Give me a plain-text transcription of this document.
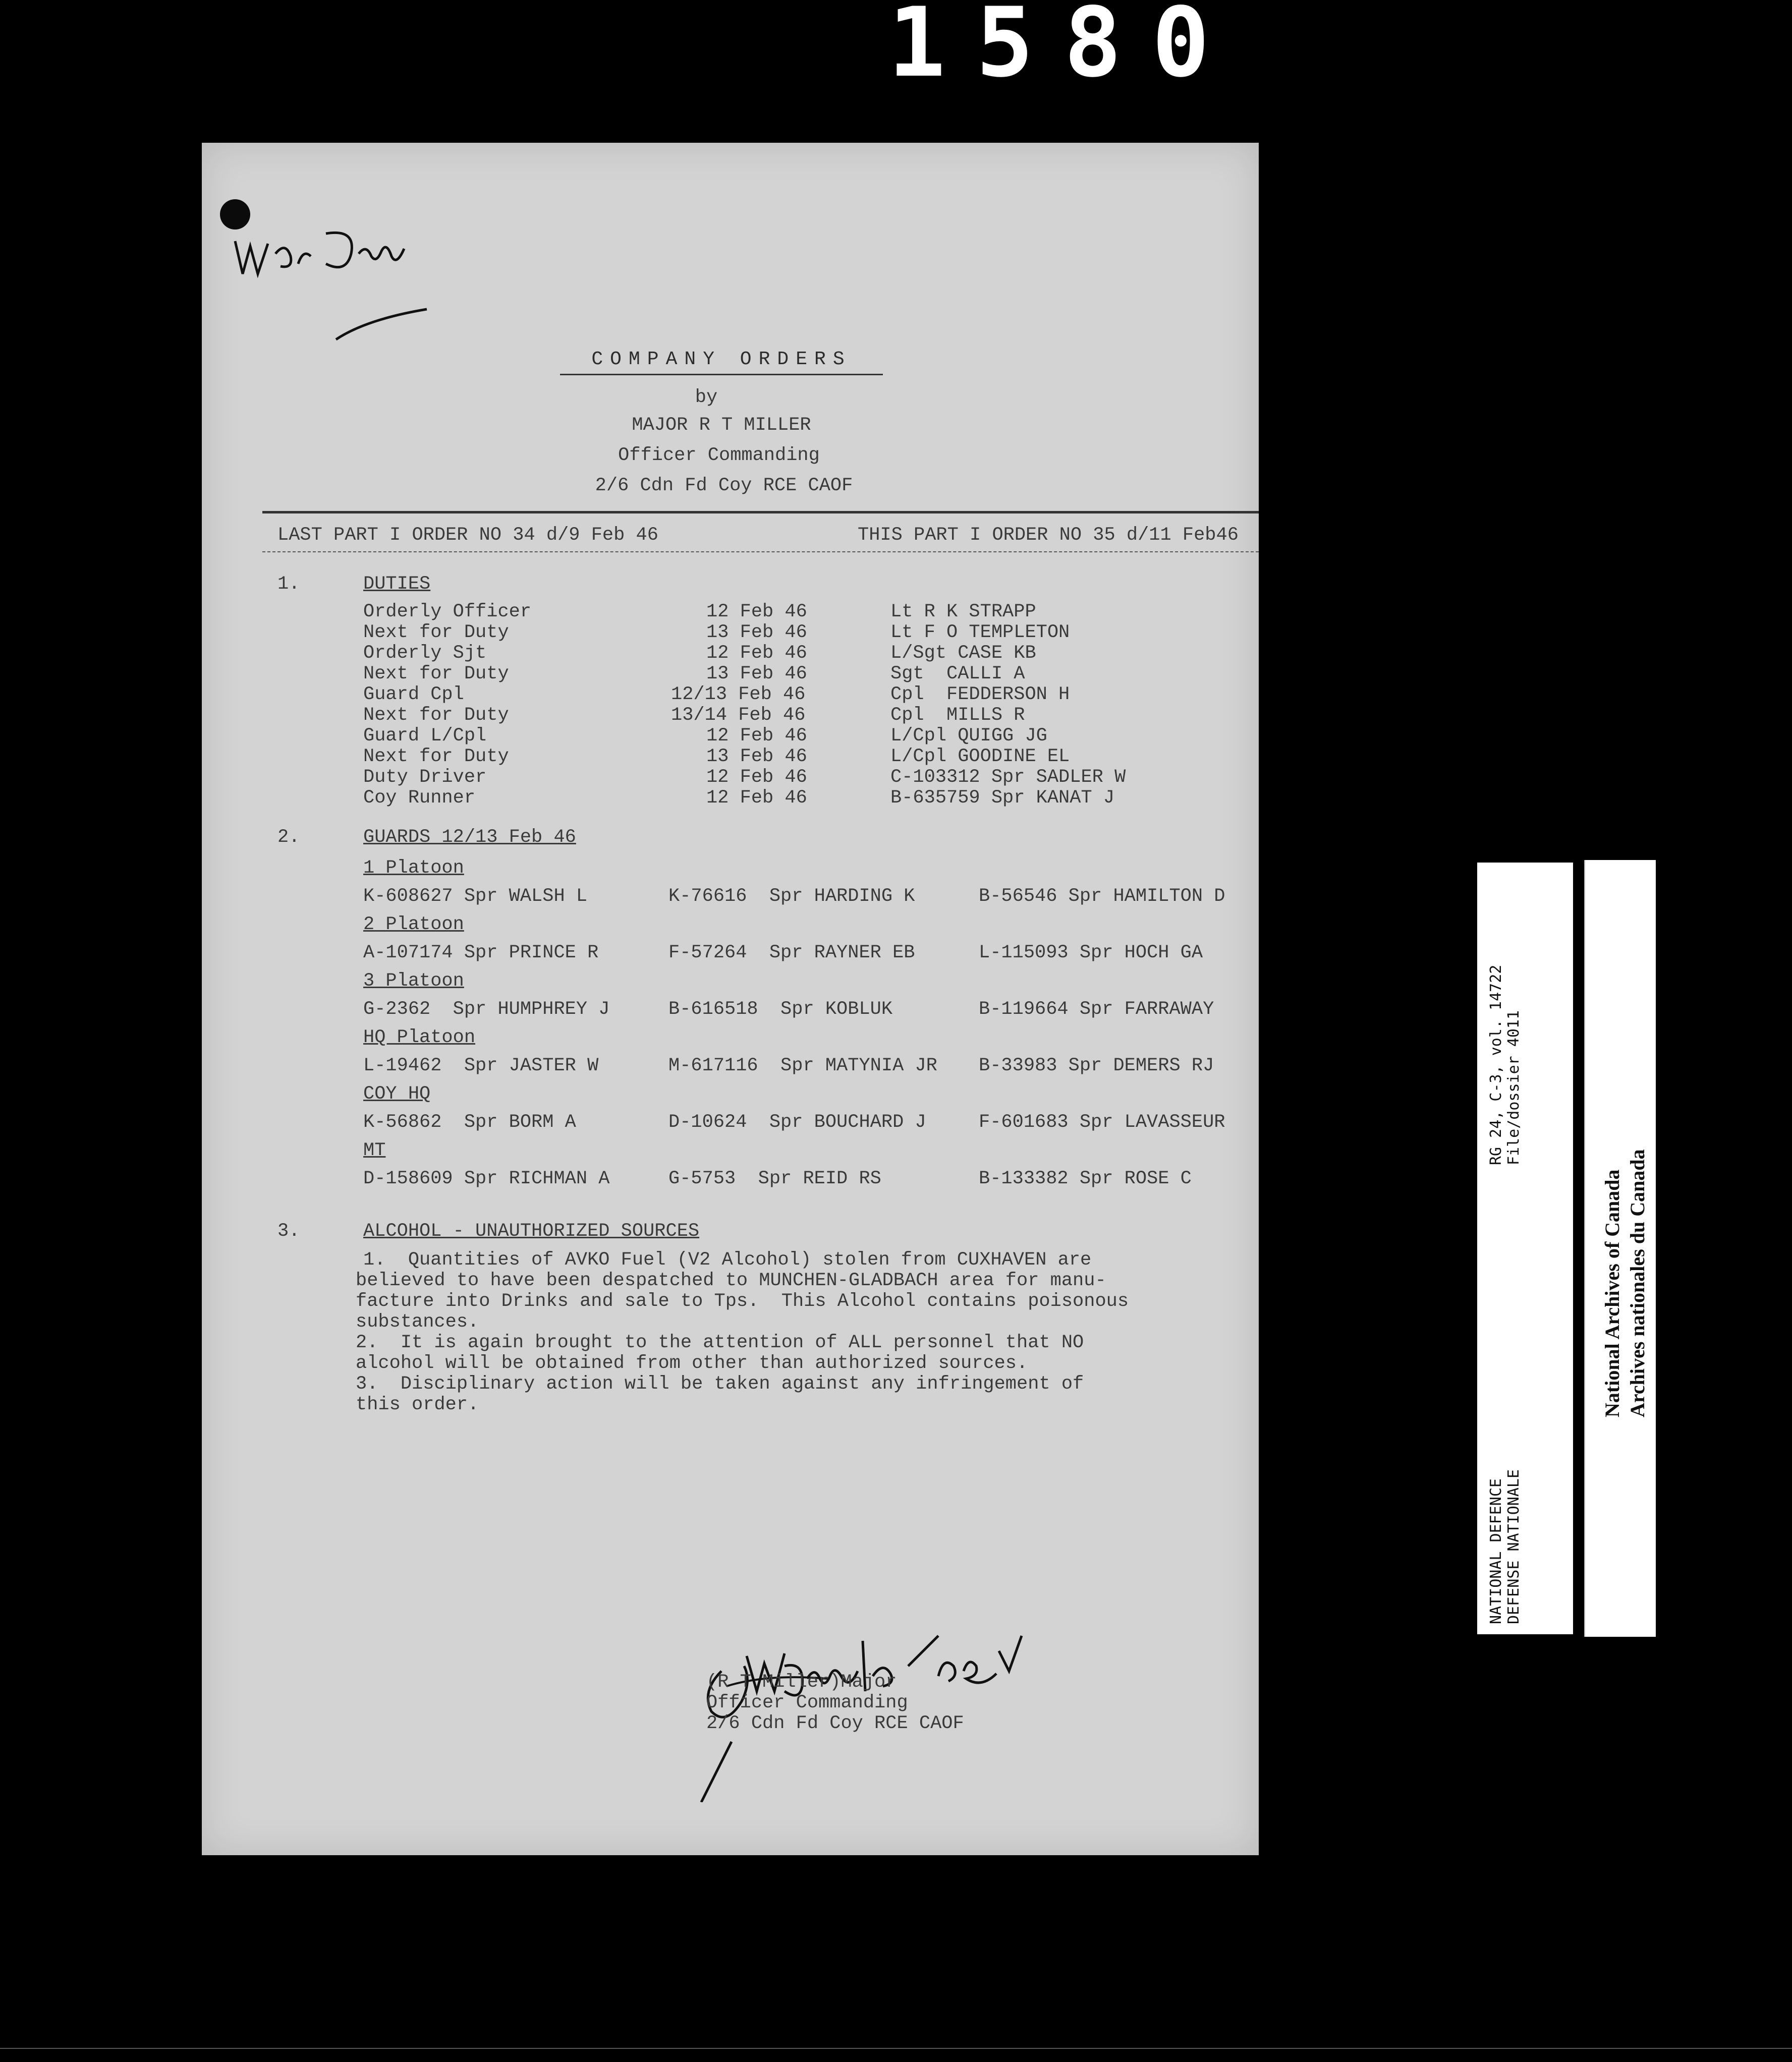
1580
COMPANY ORDERS
by
MAJOR R T MILLER
Officer Commanding
2/6 Cdn Fd Coy RCE CAOF
LAST PART I ORDER NO 34 d/9 Feb 46	THIS PART I ORDER NO 35 d/11 Feb46
1.	DUTIES
Orderly Officer	12 Feb 46	Lt R K STRAPP
Next for Duty	13 Feb 46	Lt F O TEMPLETON
Orderly Sjt	12 Feb 46	L/Sgt CASE KB
Next for Duty	13 Feb 46	Sgt  CALLI A
Guard Cpl	12/13 Feb 46	Cpl  FEDDERSON H
Next for Duty	13/14 Feb 46	Cpl  MILLS R
Guard L/Cpl	12 Feb 46	L/Cpl QUIGG JG
Next for Duty	13 Feb 46	L/Cpl GOODINE EL
Duty Driver	12 Feb 46	C-103312 Spr SADLER W
Coy Runner	12 Feb 46	B-635759 Spr KANAT J
2.	GUARDS 12/13 Feb 46
1 Platoon
K-608627 Spr WALSH L	K-76616  Spr HARDING K	B-56546 Spr HAMILTON D
2 Platoon
A-107174 Spr PRINCE R	F-57264  Spr RAYNER EB	L-115093 Spr HOCH GA
3 Platoon
G-2362  Spr HUMPHREY J	B-616518  Spr KOBLUK	B-119664 Spr FARRAWAY
HQ Platoon
L-19462  Spr JASTER W	M-617116  Spr MATYNIA JR B-33983 Spr DEMERS RJ
COY HQ
K-56862  Spr BORM A	D-10624  Spr BOUCHARD J	F-601683 Spr LAVASSEUR
MT
D-158609 Spr RICHMAN A	G-5753  Spr REID RS	B-133382 Spr ROSE C
3.	ALCOHOL - UNAUTHORIZED SOURCES
1.  Quantities of AVKO Fuel (V2 Alcohol) stolen from CUXHAVEN are
believed to have been despatched to MUNCHEN-GLADBACH area for manu-
facture into Drinks and sale to Tps.  This Alcohol contains poisonous
substances.
2.  It is again brought to the attention of ALL personnel that NO
alcohol will be obtained from other than authorized sources.
3.  Disciplinary action will be taken against any infringement of
this order.
(R T Miller)Major
Officer Commanding
2/6 Cdn Fd Coy RCE CAOF
RG 24, C-3, vol. 14722 File/dossier 4011
NATIONAL DEFENCE DEFENSE NATIONALE
National Archives of Canada Archives nationales du Canada
